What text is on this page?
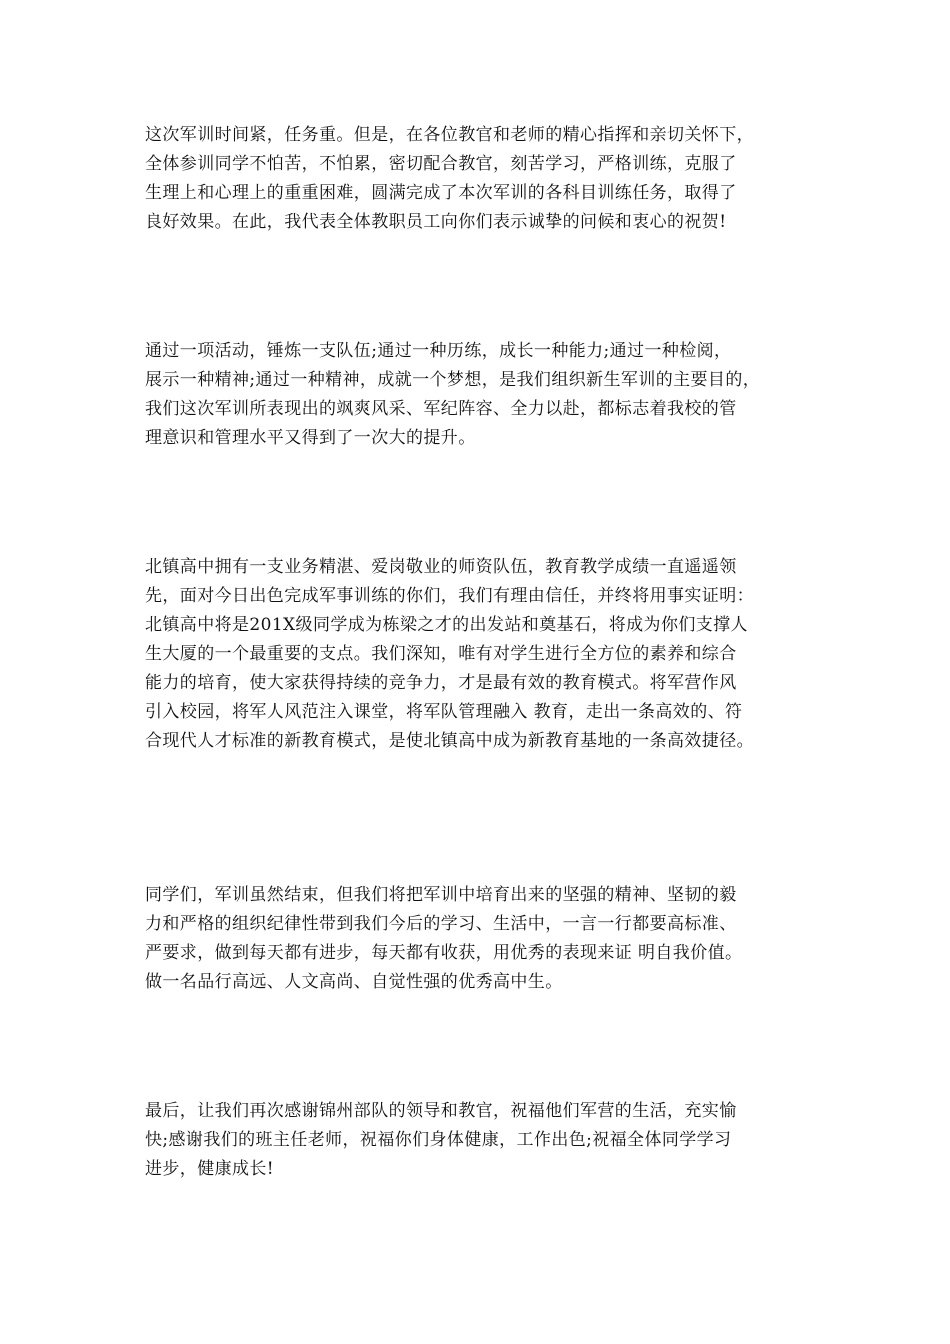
这次军训时间紧，任务重。但是，在各位教官和老师的精心指挥和亲切关怀下，
全体参训同学不怕苦，不怕累，密切配合教官，刻苦学习，严格训练，克服了
生理上和心理上的重重困难，圆满完成了本次军训的各科目训练任务，取得了
良好效果。在此，我代表全体教职员工向你们表示诚挚的问候和衷心的祝贺!
通过一项活动，锤炼一支队伍;通过一种历练，成长一种能力;通过一种检阅，
展示一种精神;通过一种精神，成就一个梦想，是我们组织新生军训的主要目的，
我们这次军训所表现出的飒爽风采、军纪阵容、全力以赴，都标志着我校的管
理意识和管理水平又得到了一次大的提升。
北镇高中拥有一支业务精湛、爱岗敬业的师资队伍，教育教学成绩一直遥遥领
先，面对今日出色完成军事训练的你们，我们有理由信任，并终将用事实证明：
北镇高中将是201X级同学成为栋梁之才的出发站和奠基石，将成为你们支撑人
生大厦的一个最重要的支点。我们深知，唯有对学生进行全方位的素养和综合
能力的培育，使大家获得持续的竞争力，才是最有效的教育模式。将军营作风
引入校园，将军人风范注入课堂，将军队管理融入 教育，走出一条高效的、符
合现代人才标准的新教育模式，是使北镇高中成为新教育基地的一条高效捷径。
同学们，军训虽然结束，但我们将把军训中培育出来的坚强的精神、坚韧的毅
力和严格的组织纪律性带到我们今后的学习、生活中，一言一行都要高标准、
严要求，做到每天都有进步，每天都有收获，用优秀的表现来证 明自我价值。
做一名品行高远、人文高尚、自觉性强的优秀高中生。
最后，让我们再次感谢锦州部队的领导和教官，祝福他们军营的生活，充实愉
快;感谢我们的班主任老师，祝福你们身体健康，工作出色;祝福全体同学学习
进步，健康成长!
